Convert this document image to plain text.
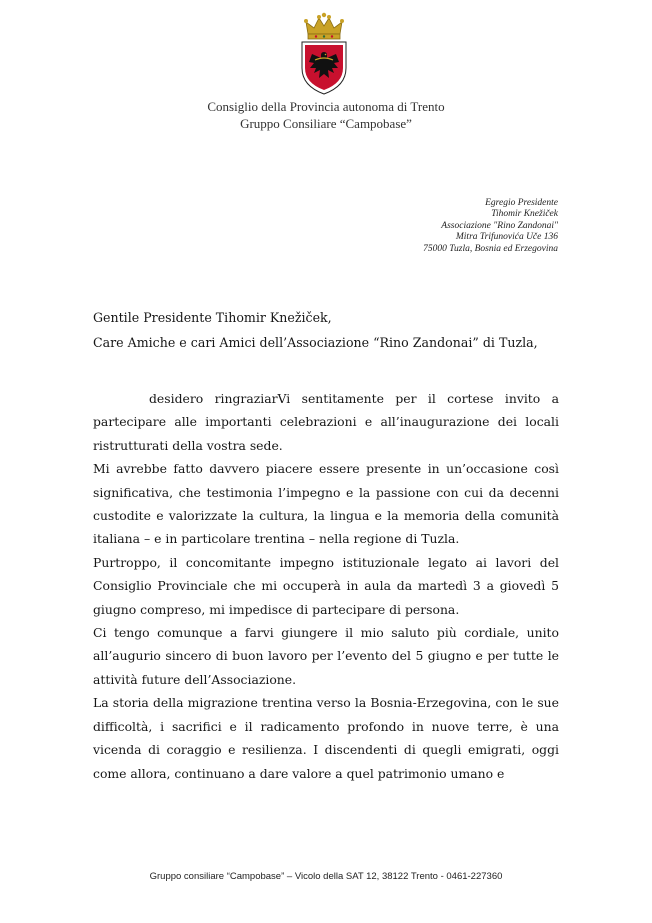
Consiglio della Provincia autonoma di Trento
Gruppo Consiliare “Campobase”
Egregio Presidente
Tihomir Knežiček
Associazione "Rino Zandonai"
Mitra Trifunovića Uče 136
75000 Tuzla, Bosnia ed Erzegovina
Gentile Presidente Tihomir Knežiček,
Care Amiche e cari Amici dell’Associazione “Rino Zandonai” di Tuzla,

desidero ringraziarVi sentitamente per il cortese invito a partecipare alle importanti celebrazioni e all’inaugurazione dei locali ristrutturati della vostra sede.

Mi avrebbe fatto davvero piacere essere presente in un’occasione così significativa, che testimonia l’impegno e la passione con cui da decenni custodite e valorizzate la cultura, la lingua e la memoria della comunità italiana – e in particolare trentina – nella regione di Tuzla.

Purtroppo, il concomitante impegno istituzionale legato ai lavori del Consiglio Provinciale che mi occuperà in aula da martedì 3 a giovedì 5 giugno compreso, mi impedisce di partecipare di persona.

Ci tengo comunque a farvi giungere il mio saluto più cordiale, unito all’augurio sincero di buon lavoro per l’evento del 5 giugno e per tutte le attività future dell’Associazione.

La storia della migrazione trentina verso la Bosnia-Erzegovina, con le sue difficoltà, i sacrifici e il radicamento profondo in nuove terre, è una vicenda di coraggio e resilienza. I discendenti di quegli emigrati, oggi come allora, continuano a dare valore a quel patrimonio umano e

Gruppo consiliare “Campobase” – Vicolo della SAT 12, 38122 Trento - 0461-227360
